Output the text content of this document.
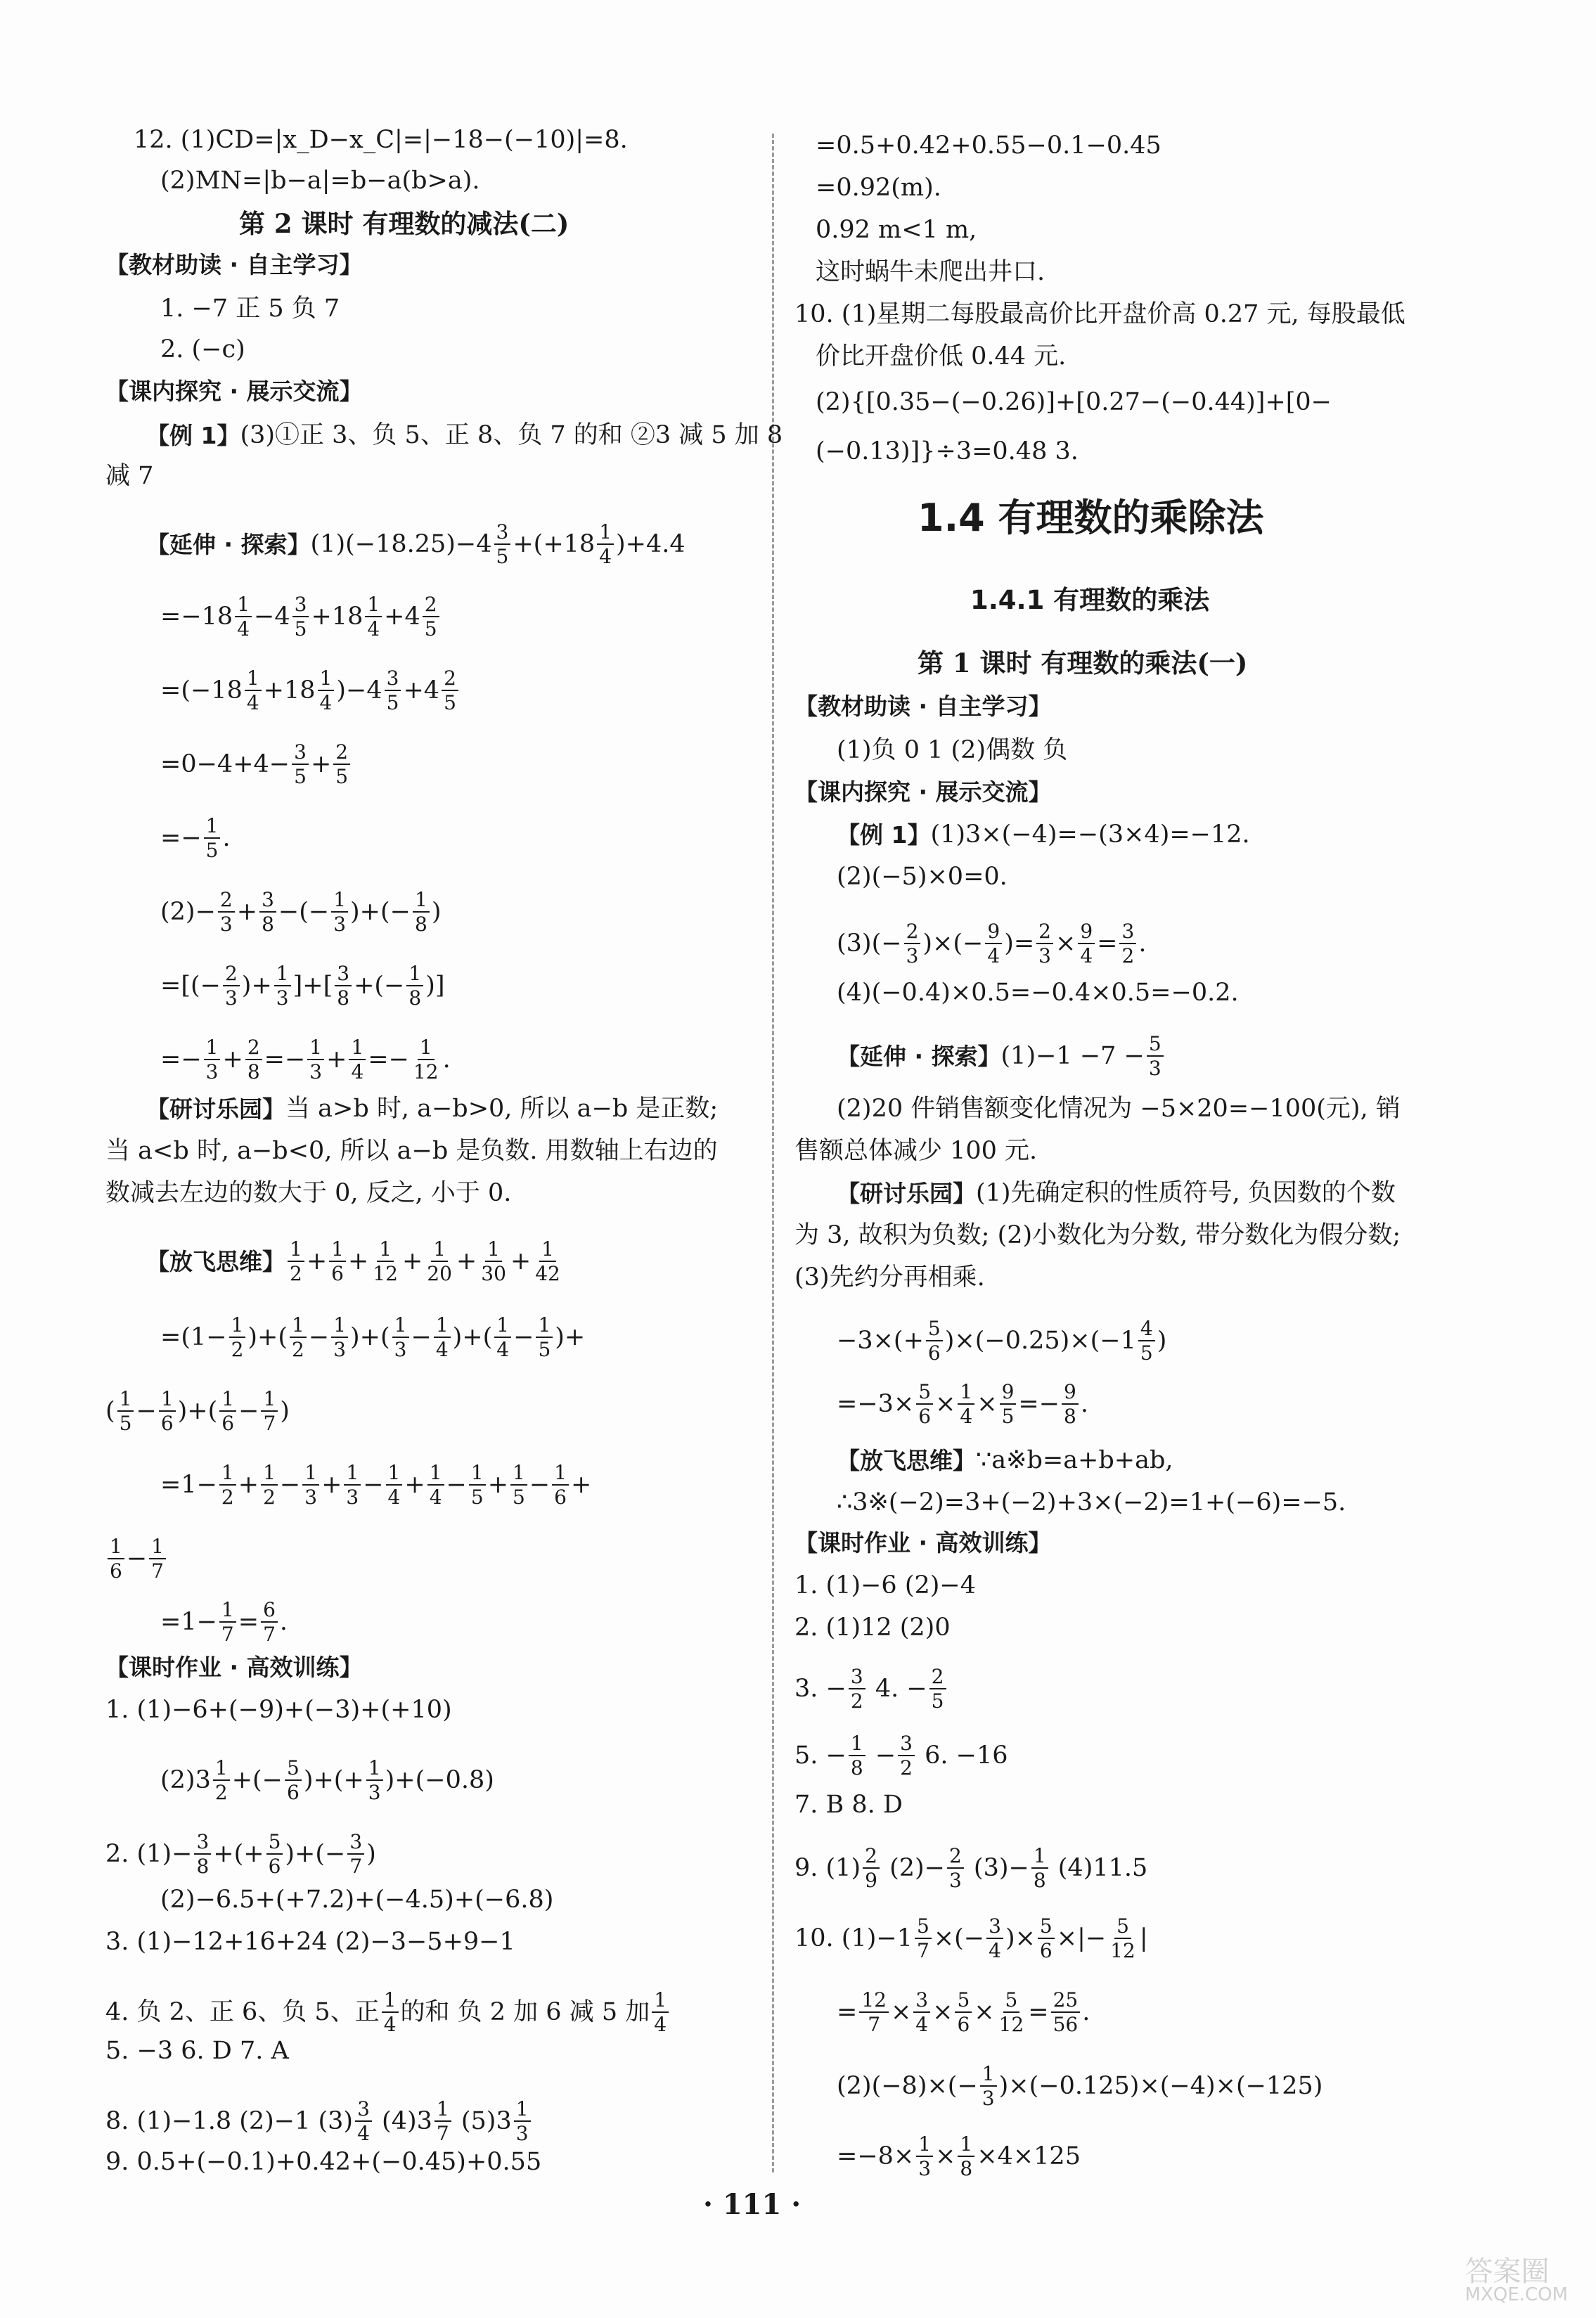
12. (1)CD=|x_D−x_C|=|−18−(−10)|=8.
(2)MN=|b−a|=b−a(b>a).
第 2 课时 有理数的减法(二)
【教材助读 · 自主学习】
1. −7 正 5 负 7
2. (−c)
【课内探究 · 展示交流】
【例 1】 (3)①正 3、负 5、正 8、负 7 的和 ②3 减 5 加 8
减 7
【延伸 · 探索】 $(1)(-18.25)-4 \frac{3}{5} +(+18 \frac{1}{4} )+4.4$
$=-18 \frac{1}{4} -4 \frac{3}{5} +18 \frac{1}{4} +4 \frac{2}{5}$
$=(-18 \frac{1}{4} +18 \frac{1}{4} )-4 \frac{3}{5} +4 \frac{2}{5}$
$=0-4+4- \frac{3}{5} + \frac{2}{5}$
=− $\frac{1}{5}$ .
$(2)- \frac{2}{3} + \frac{3}{8}$ −(− $\frac{1}{3}$ )+(− $\frac{1}{8}$ )
=[(− $\frac{2}{3}$ )+ $\frac{1}{3}$ ]+[ $\frac{3}{8}$ +(− $\frac{1}{8}$ )]
=− $\frac{1}{3} + \frac{2}{8} =- \frac{1}{3} + \frac{1}{4} =- \frac{1}{12}$ .
【研讨乐园】 当 a>b 时, a−b>0, 所以 a−b 是正数;
当 a<b 时, a−b<0, 所以 a−b 是负数. 用数轴上右边的
数减去左边的数大于 0, 反之, 小于 0.
【放飞思维】 $\frac{1}{2} + \frac{1}{6} + \frac{1}{12} + \frac{1}{20} + \frac{1}{30} + \frac{1}{42}$
$=(1- \frac{1}{2}$ )+( $\frac{1}{2} - \frac{1}{3}$ )+( $\frac{1}{3} - \frac{1}{4}$ )+( $\frac{1}{4} - \frac{1}{5}$ )+
( $\frac{1}{5} - \frac{1}{6}$ )+( $\frac{1}{6} - \frac{1}{7}$ )
$=1- \frac{1}{2} + \frac{1}{2} - \frac{1}{3} + \frac{1}{3} - \frac{1}{4} + \frac{1}{4} - \frac{1}{5} + \frac{1}{5} - \frac{1}{6}$ +
$\frac{1}{6} - \frac{1}{7}$
$=1- \frac{1}{7} = \frac{6}{7}$ .
【课时作业 · 高效训练】
1. (1)−6+(−9)+(−3)+(+10)
$(2)3 \frac{1}{2}$ +(− $\frac{5}{6}$ )+(+ $\frac{1}{3}$ ) +(−0.8)
2. $(1)- \frac{3}{8}$ +(+ $\frac{5}{6}$ )+(− $\frac{3}{7}$ )
(2)−6.5+(+7.2)+(−4.5)+(−6.8)
3. (1)−12+16+24 (2)−3−5+9−1
4. 负 2、正 6、负 5、正 $\frac{1}{4}$ 的和 负 2 加 6 减 5 加 $\frac{1}{4}$
5. −3 6. D 7. A
8. (1)−1.8 (2)−1 $(3) \frac{3}{4} (4)3 \frac{1}{7} (5)3 \frac{1}{3}$
9. 0.5+(−0.1)+0.42+(−0.45)+0.55
=0.5+0.42+0.55−0.1−0.45
=0.92(m).
0.92 m<1 m,
这时蜗牛未爬出井口.
10. (1)星期二每股最高价比开盘价高 0.27 元, 每股最低
价比开盘价低 0.44 元.
(2){[0.35−(−0.26)]+[0.27−(−0.44)]+[0−
(−0.13)]}÷3=0.48 3.
1.4 有理数的乘除法
1.4.1 有理数的乘法
第 1 课时 有理数的乘法(一)
【教材助读 · 自主学习】
(1)负 0 1 (2)偶数 负
【课内探究 · 展示交流】
【例 1】 (1)3×(−4)=−(3×4)=−12.
(2)(−5)×0=0.
$(3)(- \frac{2}{3}$ )×(− $\frac{9}{4}$ )= $\frac{2}{3} \times \frac{9}{4} = \frac{3}{2}$ .
(4)(−0.4)×0.5=−0.4×0.5=−0.2.
【延伸 · 探索】 $(1)-1 -7 - \frac{5}{3}$
(2)20 件销售额变化情况为 −5×20=−100(元), 销
售额总体减少 100 元.
【研讨乐园】 (1)先确定积的性质符号, 负因数的个数
为 3, 故积为负数; (2)小数化为分数, 带分数化为假分数;
(3)先约分再相乘.
$-3\times(+ \frac{5}{6} )\times(-0.25)\times(-1 \frac{4}{5}$ )
$=-3\times \frac{5}{6} \times \frac{1}{4} \times \frac{9}{5} =- \frac{9}{8}$ .
【放飞思维】 ∵a※b=a+b+ab,
∴3※(−2)=3+(−2)+3×(−2)=1+(−6)=−5.
【课时作业 · 高效训练】
1. (1)−6 (2)−4
2. (1)12 (2)0
3. − $\frac{3}{2} 4$. − $\frac{2}{5}$
5. − $\frac{1}{8} - \frac{3}{2} 6$. −16
7. B 8. D
9. $(1) \frac{2}{9} (2)- \frac{2}{3} (3)- \frac{1}{8} (4)11.5$
10. $(1)-1 \frac{5}{7}$ ×(− $\frac{3}{4}$ )× $\frac{5}{6}$ ×|− $\frac{5}{12}$ |
= $\frac{12}{7} \times \frac{3}{4} \times \frac{5}{6} \times \frac{5}{12} = \frac{25}{56}$ .
$(2)(-8)\times(- \frac{1}{3} )\times(-0.125)\times(-4)\times(-125)$
$=-8\times \frac{1}{3} \times \frac{1}{8} \times 4\times 125$
· 111 ·
答案圈
MXQE.COM
